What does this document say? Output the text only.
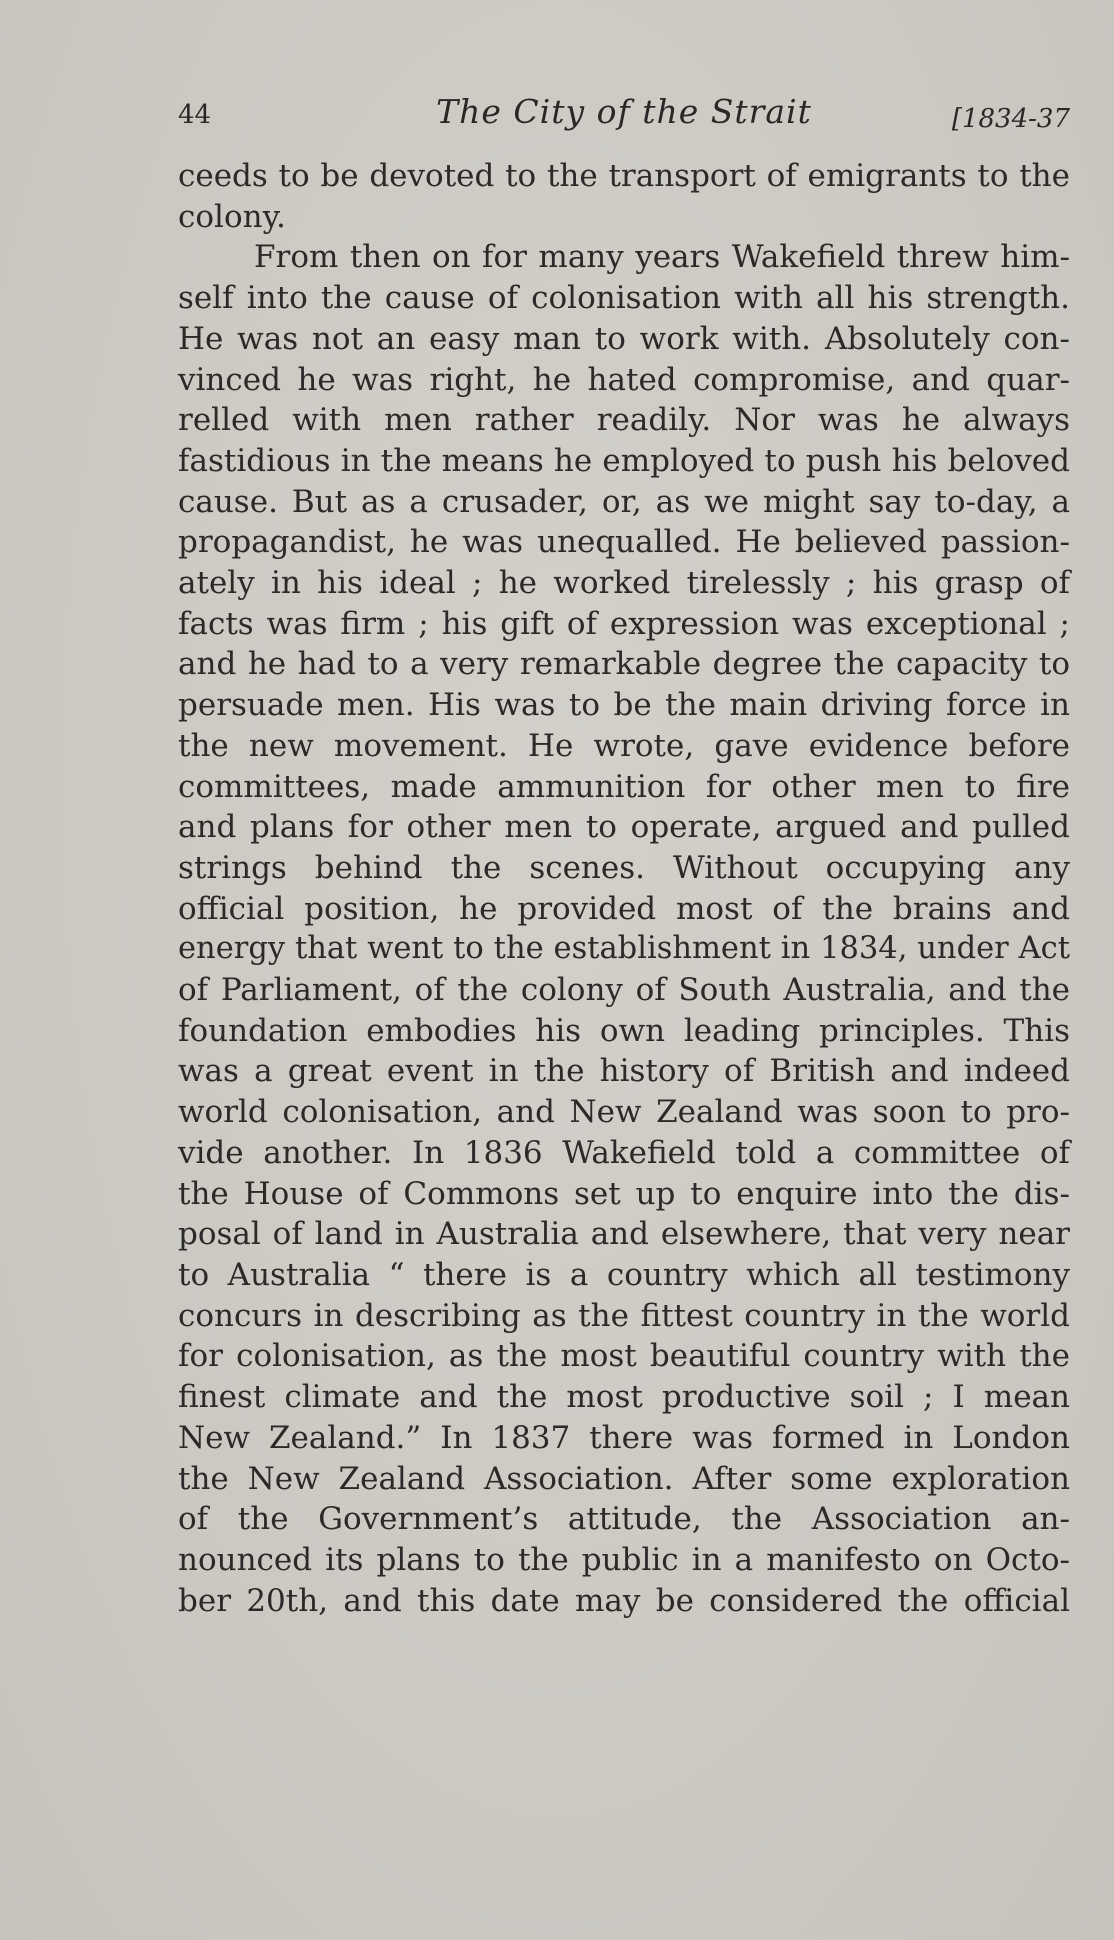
44	The City of the Strait	[1834-37

ceeds to be devoted to the transport of emigrants to the
colony.

From then on for many years Wakefield threw him-
self into the cause of colonisation with all his strength.
He was not an easy man to work with. Absolutely con-
vinced he was right, he hated compromise, and quar-
relled with men rather readily. Nor was he always
fastidious in the means he employed to push his beloved
cause. But as a crusader, or, as we might say to-day, a
propagandist, he was unequalled. He believed passion-
ately in his ideal ; he worked tirelessly ; his grasp of
facts was firm ; his gift of expression was exceptional ;
and he had to a very remarkable degree the capacity to
persuade men. His was to be the main driving force in
the new movement. He wrote, gave evidence before
committees, made ammunition for other men to fire
and plans for other men to operate, argued and pulled
strings behind the scenes. Without occupying any
official position, he provided most of the brains and
energy that went to the establishment in 1834, under Act
of Parliament, of the colony of South Australia, and the
foundation embodies his own leading principles. This
was a great event in the history of British and indeed
world colonisation, and New Zealand was soon to pro-
vide another. In 1836 Wakefield told a committee of
the House of Commons set up to enquire into the dis-
posal of land in Australia and elsewhere, that very near
to Australia “ there is a country which all testimony
concurs in describing as the fittest country in the world
for colonisation, as the most beautiful country with the
finest climate and the most productive soil ; I mean
New Zealand.” In 1837 there was formed in London
the New Zealand Association. After some exploration
of the Government’s attitude, the Association an-
nounced its plans to the public in a manifesto on Octo-
ber 20th, and this date may be considered the official
